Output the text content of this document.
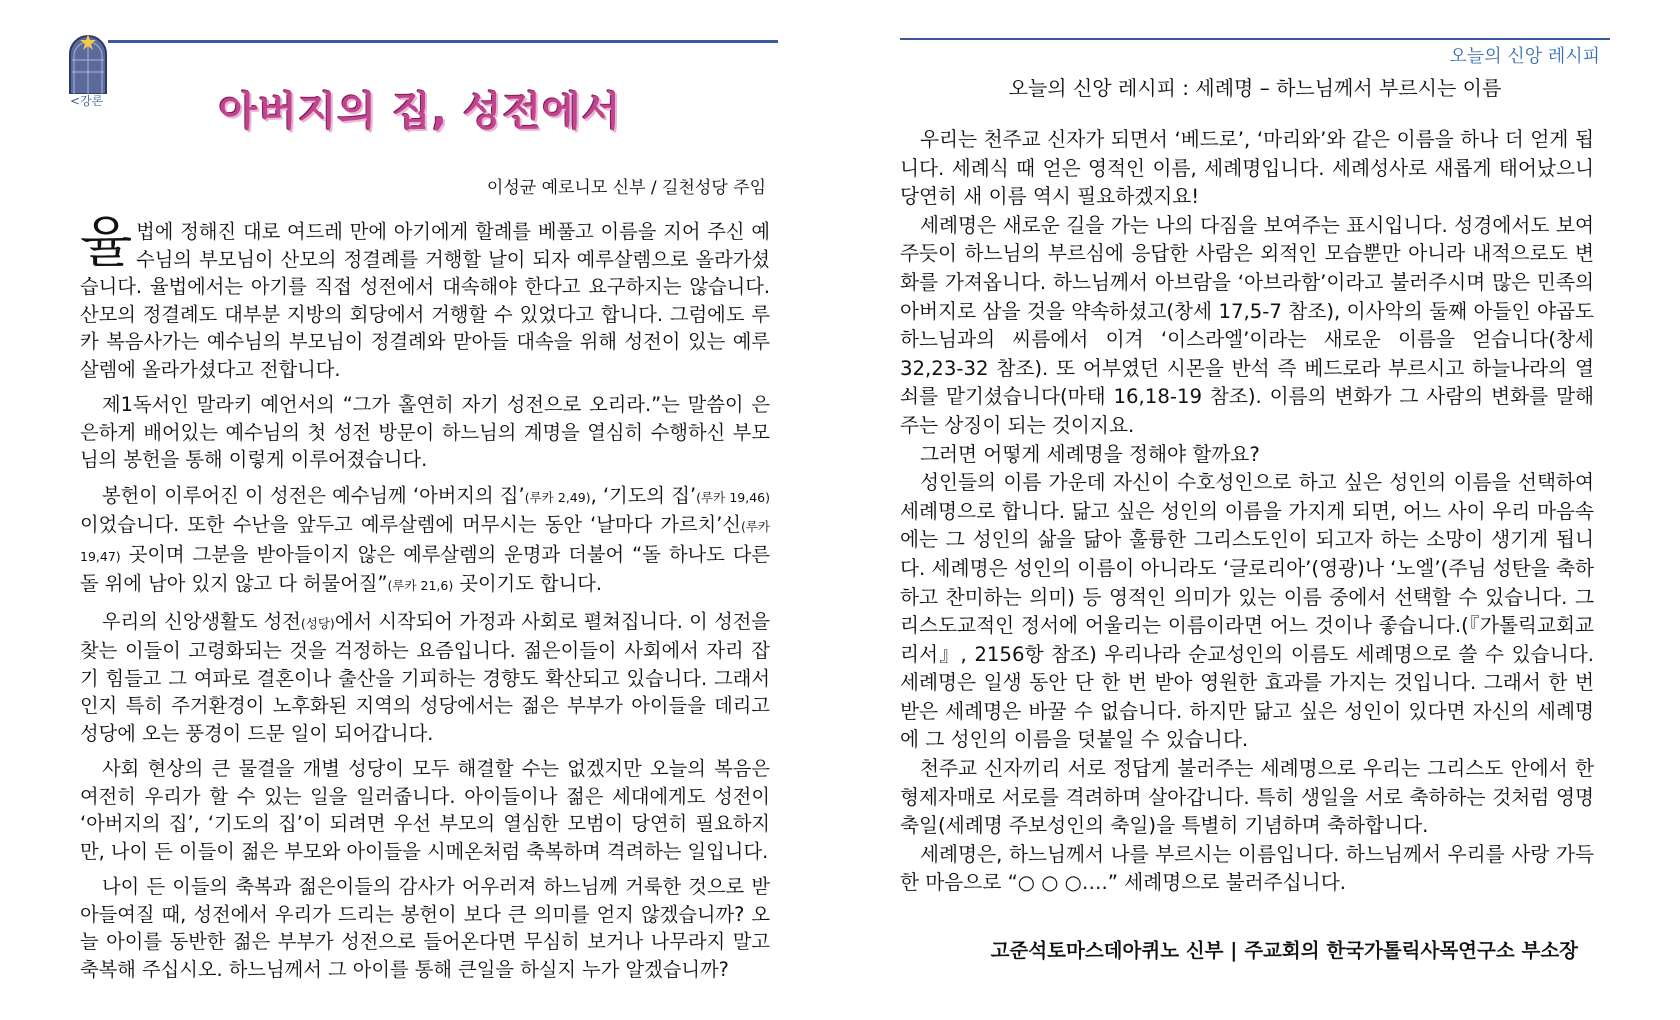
<강론	아버지의 집, 성전에서
이성균 예로니모 신부 / 길천성당 주임

율법에 정해진 대로 여드레 만에 아기에게 할례를 베풀고 이름을 지어 주신 예수님의 부모님이 산모의 정결례를 거행할 날이 되자 예루살렘으로 올라가셨습니다. 율법에서는 아기를 직접 성전에서 대속해야 한다고 요구하지는 않습니다. 산모의 정결례도 대부분 지방의 회당에서 거행할 수 있었다고 합니다. 그럼에도 루카 복음사가는 예수님의 부모님이 정결례와 맏아들 대속을 위해 성전이 있는 예루살렘에 올라가셨다고 전합니다.

제1독서인 말라키 예언서의 “그가 홀연히 자기 성전으로 오리라.”는 말씀이 은은하게 배어있는 예수님의 첫 성전 방문이 하느님의 계명을 열심히 수행하신 부모님의 봉헌을 통해 이렇게 이루어졌습니다.

봉헌이 이루어진 이 성전은 예수님께 ‘아버지의 집’(루카 2,49), ‘기도의 집’(루카 19,46)이었습니다. 또한 수난을 앞두고 예루살렘에 머무시는 동안 ‘날마다 가르치’신(루카 19,47) 곳이며 그분을 받아들이지 않은 예루살렘의 운명과 더불어 “돌 하나도 다른 돌 위에 남아 있지 않고 다 허물어질”(루카 21,6) 곳이기도 합니다.

우리의 신앙생활도 성전(성당)에서 시작되어 가정과 사회로 펼쳐집니다. 이 성전을 찾는 이들이 고령화되는 것을 걱정하는 요즘입니다. 젊은이들이 사회에서 자리 잡기 힘들고 그 여파로 결혼이나 출산을 기피하는 경향도 확산되고 있습니다. 그래서인지 특히 주거환경이 노후화된 지역의 성당에서는 젊은 부부가 아이들을 데리고 성당에 오는 풍경이 드문 일이 되어갑니다.

사회 현상의 큰 물결을 개별 성당이 모두 해결할 수는 없겠지만 오늘의 복음은 여전히 우리가 할 수 있는 일을 일러줍니다. 아이들이나 젊은 세대에게도 성전이 ‘아버지의 집’, ‘기도의 집’이 되려면 우선 부모의 열심한 모범이 당연히 필요하지만, 나이 든 이들이 젊은 부모와 아이들을 시메온처럼 축복하며 격려하는 일입니다.

나이 든 이들의 축복과 젊은이들의 감사가 어우러져 하느님께 거룩한 것으로 받아들여질 때, 성전에서 우리가 드리는 봉헌이 보다 큰 의미를 얻지 않겠습니까? 오늘 아이를 동반한 젊은 부부가 성전으로 들어온다면 무심히 보거나 나무라지 말고 축복해 주십시오. 하느님께서 그 아이를 통해 큰일을 하실지 누가 알겠습니까?

오늘의 신앙 레시피
오늘의 신앙 레시피 : 세례명 – 하느님께서 부르시는 이름

우리는 천주교 신자가 되면서 ‘베드로’, ‘마리와’와 같은 이름을 하나 더 얻게 됩니다. 세례식 때 얻은 영적인 이름, 세례명입니다. 세례성사로 새롭게 태어났으니 당연히 새 이름 역시 필요하겠지요!

세례명은 새로운 길을 가는 나의 다짐을 보여주는 표시입니다. 성경에서도 보여주듯이 하느님의 부르심에 응답한 사람은 외적인 모습뿐만 아니라 내적으로도 변화를 가져옵니다. 하느님께서 아브람을 ‘아브라함’이라고 불러주시며 많은 민족의 아버지로 삼을 것을 약속하셨고(창세 17,5-7 참조), 이사악의 둘째 아들인 야곱도 하느님과의 씨름에서 이겨 ‘이스라엘’이라는 새로운 이름을 얻습니다(창세 32,23-32 참조). 또 어부였던 시몬을 반석 즉 베드로라 부르시고 하늘나라의 열쇠를 맡기셨습니다(마태 16,18-19 참조). 이름의 변화가 그 사람의 변화를 말해주는 상징이 되는 것이지요.

그러면 어떻게 세례명을 정해야 할까요?

성인들의 이름 가운데 자신이 수호성인으로 하고 싶은 성인의 이름을 선택하여 세례명으로 합니다. 닮고 싶은 성인의 이름을 가지게 되면, 어느 사이 우리 마음속에는 그 성인의 삶을 닮아 훌륭한 그리스도인이 되고자 하는 소망이 생기게 됩니다. 세례명은 성인의 이름이 아니라도 ‘글로리아’(영광)나 ‘노엘’(주님 성탄을 축하하고 찬미하는 의미) 등 영적인 의미가 있는 이름 중에서 선택할 수 있습니다. 그리스도교적인 정서에 어울리는 이름이라면 어느 것이나 좋습니다.(『가톨릭교회교리서』, 2156항 참조) 우리나라 순교성인의 이름도 세례명으로 쓸 수 있습니다. 세례명은 일생 동안 단 한 번 받아 영원한 효과를 가지는 것입니다. 그래서 한 번 받은 세례명은 바꿀 수 없습니다. 하지만 닮고 싶은 성인이 있다면 자신의 세례명에 그 성인의 이름을 덧붙일 수 있습니다.

천주교 신자끼리 서로 정답게 불러주는 세례명으로 우리는 그리스도 안에서 한 형제자매로 서로를 격려하며 살아갑니다. 특히 생일을 서로 축하하는 것처럼 영명축일(세례명 주보성인의 축일)을 특별히 기념하며 축하합니다.

세례명은, 하느님께서 나를 부르시는 이름입니다. 하느님께서 우리를 사랑 가득한 마음으로 “○ ○ ○….” 세례명으로 불러주십니다.

고준석토마스데아퀴노 신부 | 주교회의 한국가톨릭사목연구소 부소장
